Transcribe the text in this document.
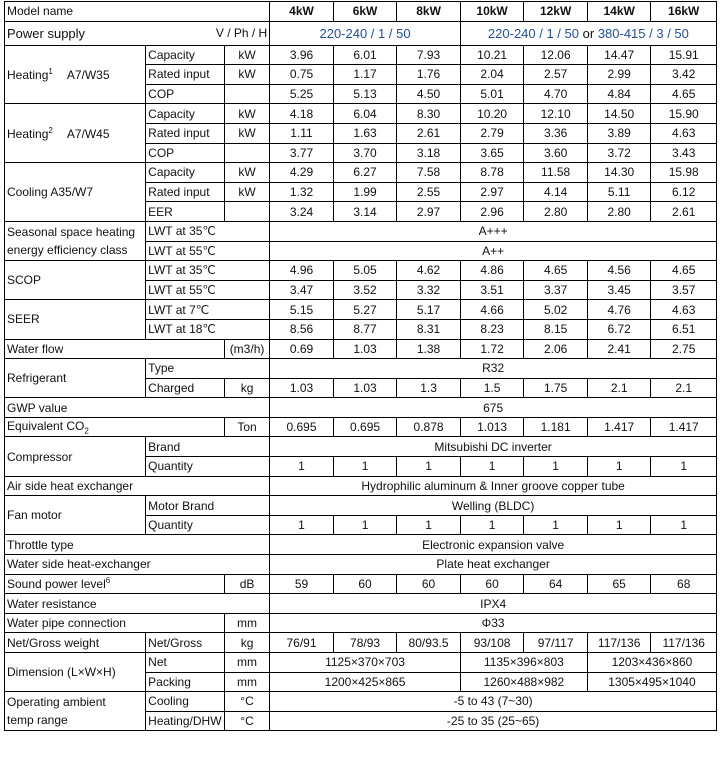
Model name			4kW	6kW	8kW	10kW	12kW	14kW	16kW
Power supply V / Ph / H			220-240 / 1 / 50			220-240 / 1 / 50 or 380-415 / 3 / 50			
Heating$^1$ A7/W35	Capacity	kW	3.96	6.01	7.93	10.21	12.06	14.47	15.91
	Rated input	kW	0.75	1.17	1.76	2.04	2.57	2.99	3.42
	COP		5.25	5.13	4.50	5.01	4.70	4.84	4.65
Heating$^2$ A7/W45	Capacity	kW	4.18	6.04	8.30	10.20	12.10	14.50	15.90
	Rated input	kW	1.11	1.63	2.61	2.79	3.36	3.89	4.63
	COP		3.77	3.70	3.18	3.65	3.60	3.72	3.43
Cooling A35/W7	Capacity	kW	4.29	6.27	7.58	8.78	11.58	14.30	15.98
	Rated input	kW	1.32	1.99	2.55	2.97	4.14	5.11	6.12
	EER		3.24	3.14	2.97	2.96	2.80	2.80	2.61
Seasonal space heating
energy efficiency class	LWT at 35℃		A+++						
	LWT at 55℃		A++						
SCOP	LWT at 35℃		4.96	5.05	4.62	4.86	4.65	4.56	4.65
	LWT at 55℃		3.47	3.52	3.32	3.51	3.37	3.45	3.57
SEER	LWT at 7℃		5.15	5.27	5.17	4.66	5.02	4.76	4.63
	LWT at 18℃		8.56	8.77	8.31	8.23	8.15	6.72	6.51
Water flow		(m3/h)	0.69	1.03	1.38	1.72	2.06	2.41	2.75
Refrigerant	Type		R32						
	Charged	kg	1.03	1.03	1.3	1.5	1.75	2.1	2.1
GWP value			675						
Equivalent $CO_2$		Ton	0.695	0.695	0.878	1.013	1.181	1.417	1.417
Compressor	Brand		Mitsubishi DC inverter						
	Quantity		1	1	1	1	1	1	1
Air side heat exchanger			Hydrophilic aluminum & Inner groove copper tube						
Fan motor	Motor Brand		Welling (BLDC)						
	Quantity		1	1	1	1	1	1	1
Throttle type			Electronic expansion valve						
Water side heat-exchanger			Plate heat exchanger						
Sound power level$^6$		dB	59	60	60	60	64	65	68
Water resistance			IPX4						
Water pipe connection		mm	Φ33						
Net/Gross weight	Net/Gross	kg	76/91	78/93	80/93.5	93/108	97/117	117/136	117/136
Dimension (L×W×H)	Net	mm	1125×370×703			1135×396×803		1203×436×860	
	Packing	mm	1200×425×865			1260×488×982		1305×495×1040	
Operating ambient
temp range	Cooling	°C	-5 to 43 (7~30)						
	Heating/DHW	°C	-25 to 35 (25~65)						
